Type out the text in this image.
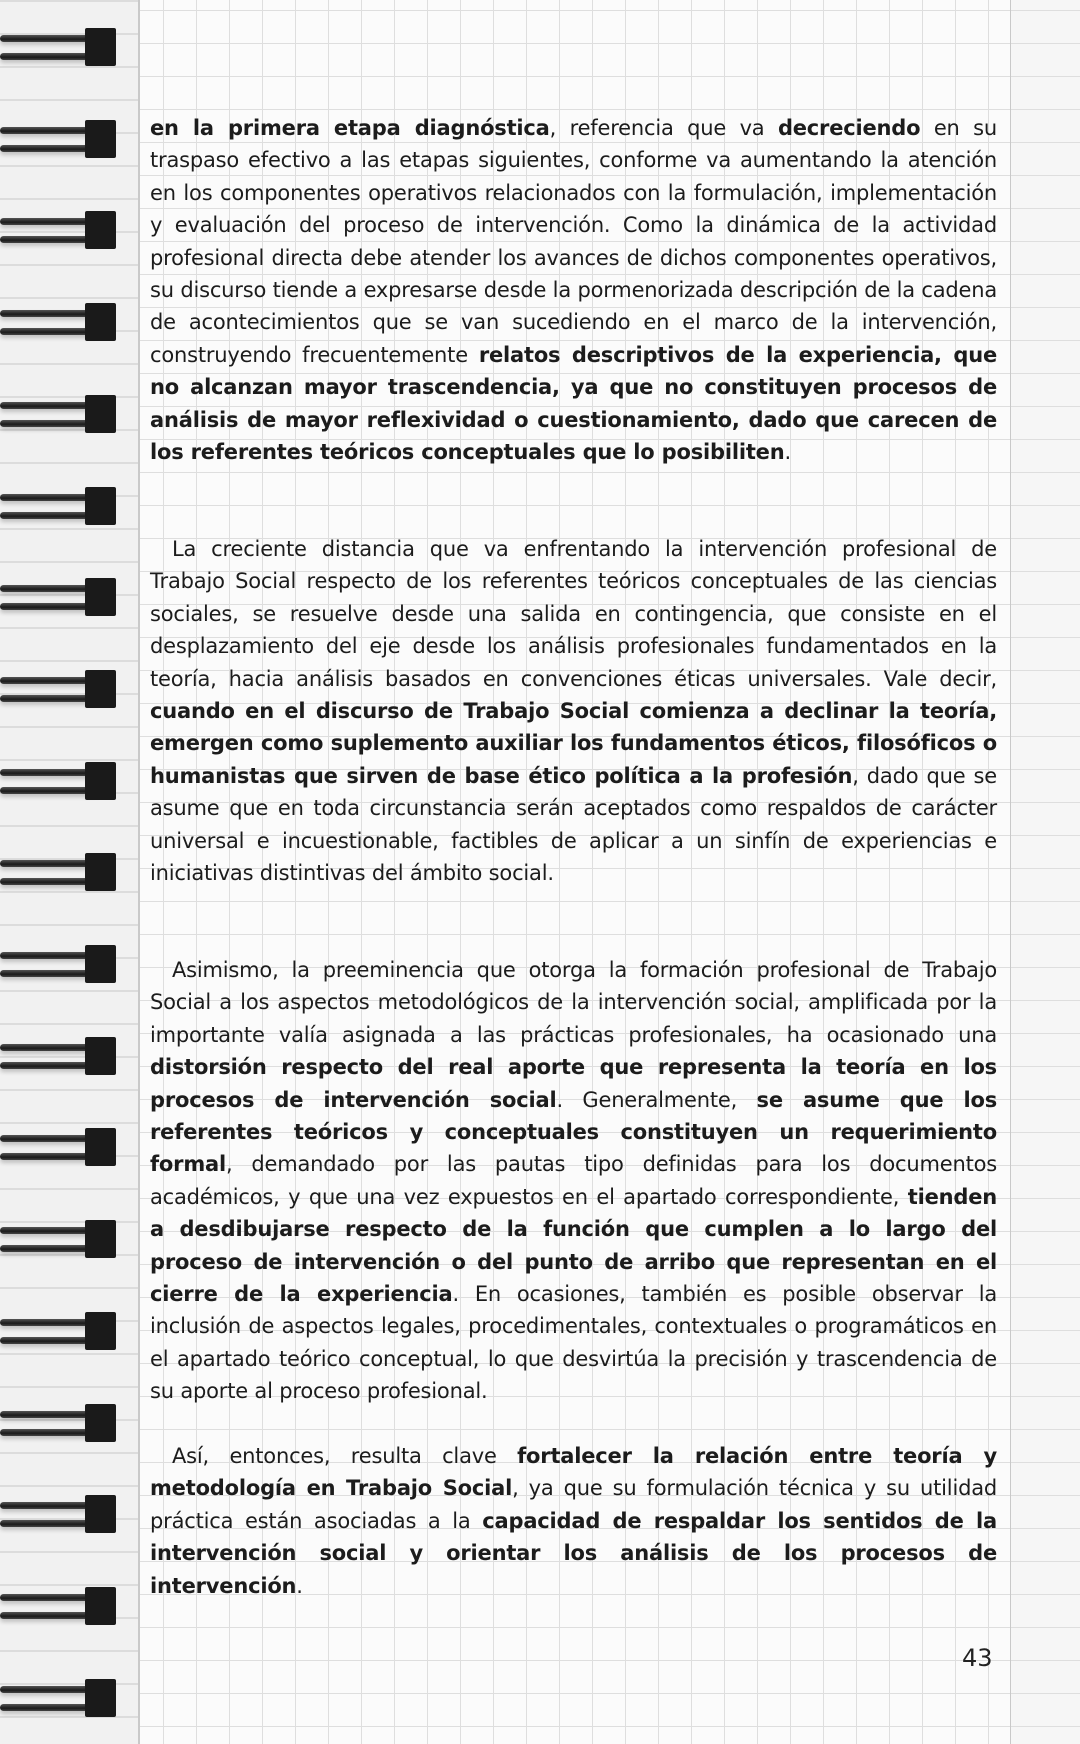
en la primera etapa diagnóstica, referencia que va decreciendo en su traspaso efectivo a las etapas siguientes, conforme va aumentando la atención en los componentes operativos relacionados con la formulación, implementación y evaluación del proceso de intervención. Como la dinámica de la actividad profesional directa debe atender los avances de dichos componentes operativos, su discurso tiende a expresarse desde la pormenorizada descripción de la cadena de acontecimientos que se van sucediendo en el marco de la intervención, construyendo frecuentemente relatos descriptivos de la experiencia, que no alcanzan mayor trascendencia, ya que no constituyen procesos de análisis de mayor reflexividad o cuestionamiento, dado que carecen de los referentes teóricos conceptuales que lo posibiliten.
La creciente distancia que va enfrentando la intervención profesional de Trabajo Social respecto de los referentes teóricos conceptuales de las ciencias sociales, se resuelve desde una salida en contingencia, que consiste en el desplazamiento del eje desde los análisis profesionales fundamentados en la teoría, hacia análisis basados en convenciones éticas universales. Vale decir, cuando en el discurso de Trabajo Social comienza a declinar la teoría, emergen como suplemento auxiliar los fundamentos éticos, filosóficos o humanistas que sirven de base ético política a la profesión, dado que se asume que en toda circunstancia serán aceptados como respaldos de carácter universal e incuestionable, factibles de aplicar a un sinfín de experiencias e iniciativas distintivas del ámbito social.
Asimismo, la preeminencia que otorga la formación profesional de Trabajo Social a los aspectos metodológicos de la intervención social, amplificada por la importante valía asignada a las prácticas profesionales, ha ocasionado una distorsión respecto del real aporte que representa la teoría en los procesos de intervención social. Generalmente, se asume que los referentes teóricos y conceptuales constituyen un requerimiento formal, demandado por las pautas tipo definidas para los documentos académicos, y que una vez expuestos en el apartado correspondiente, tienden a desdibujarse respecto de la función que cumplen a lo largo del proceso de intervención o del punto de arribo que representan en el cierre de la experiencia. En ocasiones, también es posible observar la inclusión de aspectos legales, procedimentales, contextuales o programáticos en el apartado teórico conceptual, lo que desvirtúa la precisión y trascendencia de su aporte al proceso profesional.
Así, entonces, resulta clave fortalecer la relación entre teoría y metodología en Trabajo Social, ya que su formulación técnica y su utilidad práctica están asociadas a la capacidad de respaldar los sentidos de la intervención social y orientar los análisis de los procesos de intervención.
43
